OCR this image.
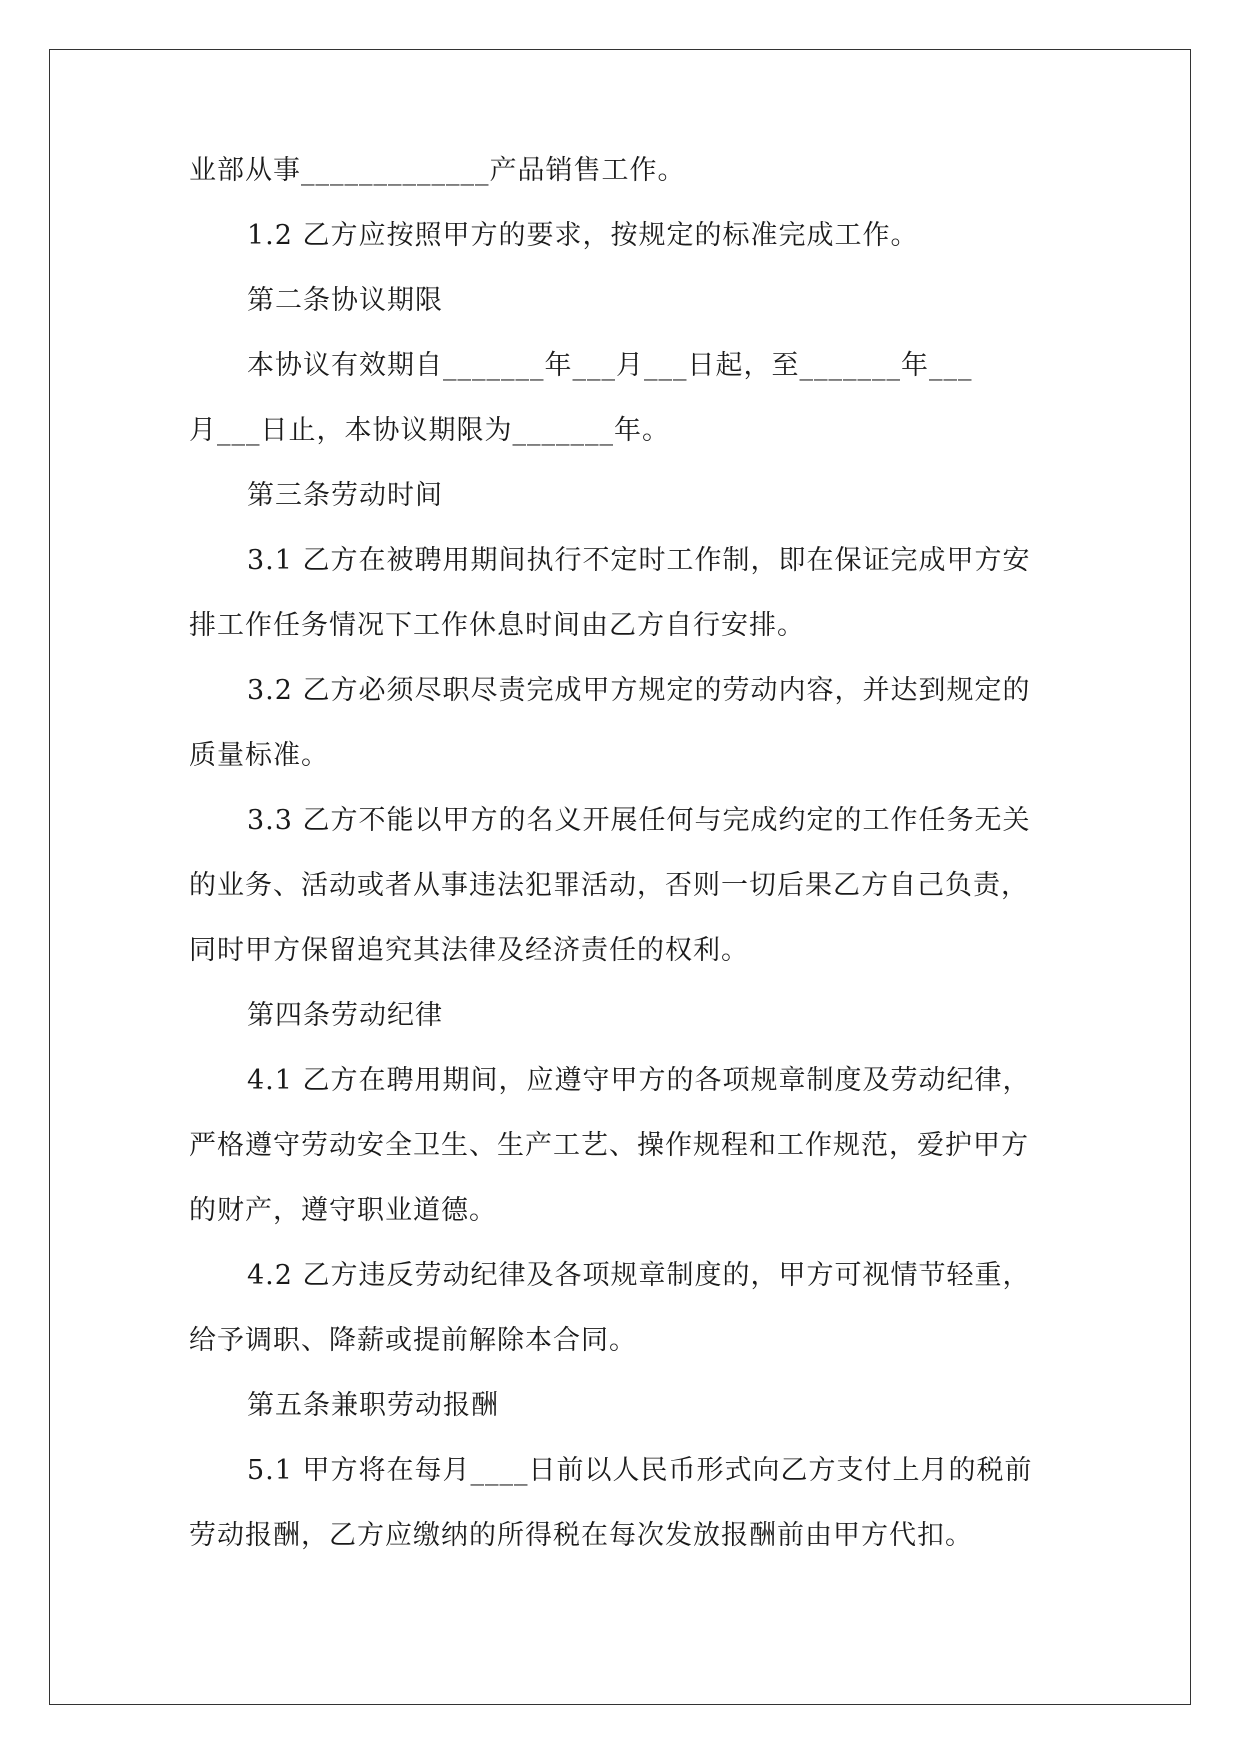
业部从事_____________产品销售工作。
1.2 乙方应按照甲方的要求，按规定的标准完成工作。
第二条协议期限
本协议有效期自_______年___月___日起，至_______年___
月___日止，本协议期限为_______年。
第三条劳动时间
3.1 乙方在被聘用期间执行不定时工作制，即在保证完成甲方安
排工作任务情况下工作休息时间由乙方自行安排。
3.2 乙方必须尽职尽责完成甲方规定的劳动内容，并达到规定的
质量标准。
3.3 乙方不能以甲方的名义开展任何与完成约定的工作任务无关
的业务、活动或者从事违法犯罪活动，否则一切后果乙方自己负责，
同时甲方保留追究其法律及经济责任的权利。
第四条劳动纪律
4.1 乙方在聘用期间，应遵守甲方的各项规章制度及劳动纪律，
严格遵守劳动安全卫生、生产工艺、操作规程和工作规范，爱护甲方
的财产，遵守职业道德。
4.2 乙方违反劳动纪律及各项规章制度的，甲方可视情节轻重，
给予调职、降薪或提前解除本合同。
第五条兼职劳动报酬
5.1 甲方将在每月____日前以人民币形式向乙方支付上月的税前
劳动报酬，乙方应缴纳的所得税在每次发放报酬前由甲方代扣。
